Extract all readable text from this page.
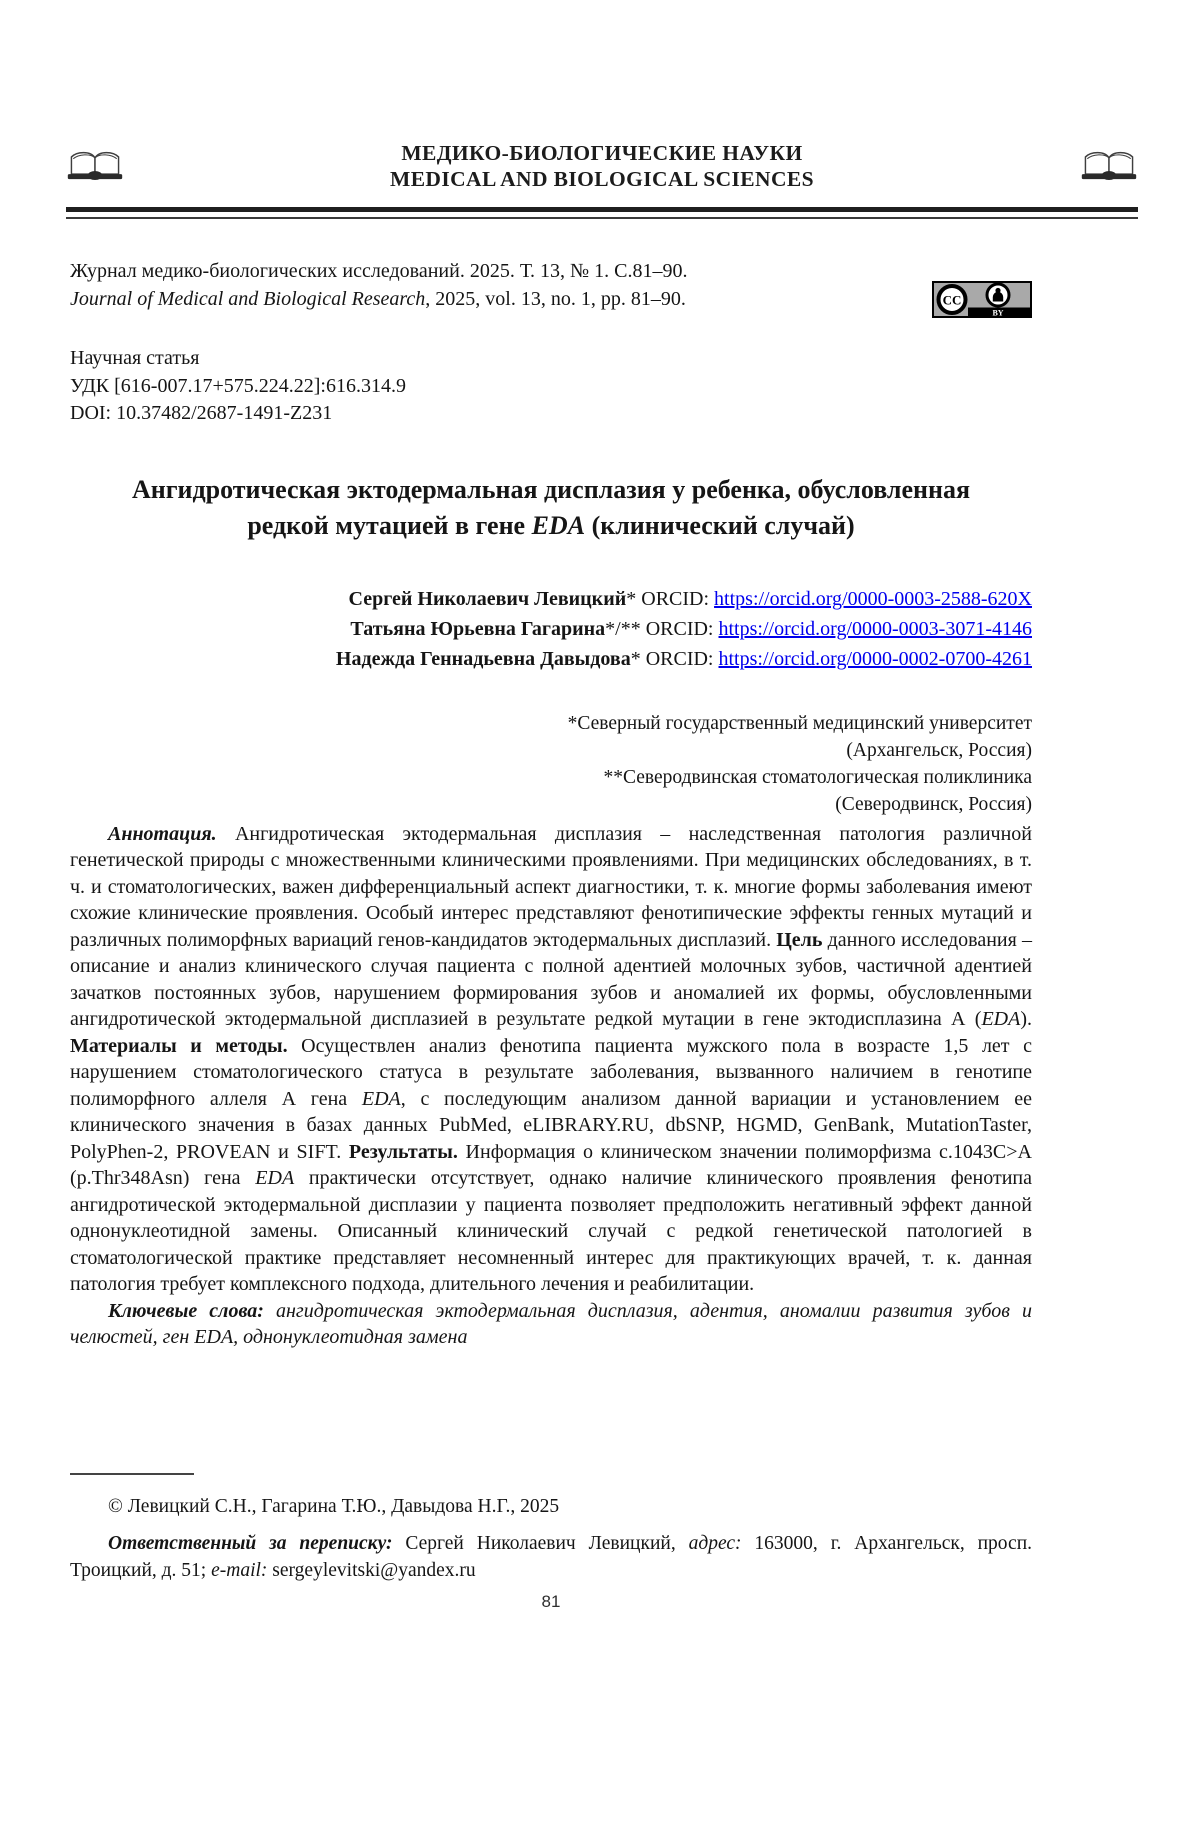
МЕДИКО-БИОЛОГИЧЕСКИЕ НАУКИ
MEDICAL AND BIOLOGICAL SCIENCES
Журнал медико-биологических исследований. 2025. Т. 13, № 1. С.81–90.
Journal of Medical and Biological Research, 2025, vol. 13, no. 1, pp. 81–90.	CC
BY
Научная статья
УДК [616-007.17+575.224.22]:616.314.9
DOI: 10.37482/2687-1491-Z231
Ангидротическая эктодермальная дисплазия у ребенка, обусловленная
редкой мутацией в гене EDA (клинический случай)
Сергей Николаевич Левицкий* ORCID: https://orcid.org/0000-0003-2588-620X
Татьяна Юрьевна Гагарина*/** ORCID: https://orcid.org/0000-0003-3071-4146
Надежда Геннадьевна Давыдова* ORCID: https://orcid.org/0000-0002-0700-4261
*Северный государственный медицинский университет
(Архангельск, Россия)
**Северодвинская стоматологическая поликлиника
(Северодвинск, Россия)

Аннотация. Ангидротическая эктодермальная дисплазия – наследственная патология различной генетической природы с множественными клиническими проявлениями. При медицинских обследованиях, в т. ч. и стоматологических, важен дифференциальный аспект диагностики, т. к. многие формы заболевания имеют схожие клинические проявления. Особый интерес представляют фенотипические эффекты генных мутаций и различных полиморфных вариаций генов-кандидатов эктодермальных дисплазий. Цель данного исследования – описание и анализ клинического случая пациента с полной адентией молочных зубов, частичной адентией зачатков постоянных зубов, нарушением формирования зубов и аномалией их формы, обусловленными ангидротической эктодермальной дисплазией в результате редкой мутации в гене эктодисплазина А (EDA). Материалы и методы. Осуществлен анализ фенотипа пациента мужского пола в возрасте 1,5 лет с нарушением стоматологического статуса в результате заболевания, вызванного наличием в генотипе полиморфного аллеля А гена EDA, с последующим анализом данной вариации и установлением ее клинического значения в базах данных PubMed, eLIBRARY.RU, dbSNP, HGMD, GenBank, MutationTaster, PolyPhen-2, PROVEAN и SIFT. Результаты. Информация о клиническом значении полиморфизма c.1043C>A (p.Thr348Asn) гена EDA практически отсутствует, однако наличие клинического проявления фенотипа ангидротической эктодермальной дисплазии у пациента позволяет предположить негативный эффект данной однонуклеотидной замены. Описанный клинический случай с редкой генетической патологией в стоматологической практике представляет несомненный интерес для практикующих врачей, т. к. данная патология требует комплексного подхода, длительного лечения и реабилитации.

Ключевые слова: ангидротическая эктодермальная дисплазия, адентия, аномалии развития зубов и челюстей, ген EDA, однонуклеотидная замена

© Левицкий С.Н., Гагарина Т.Ю., Давыдова Н.Г., 2025

Ответственный за переписку: Сергей Николаевич Левицкий, адрес: 163000, г. Архангельск, просп. Троицкий, д. 51; e-mail: sergeylevitski@yandex.ru

81
